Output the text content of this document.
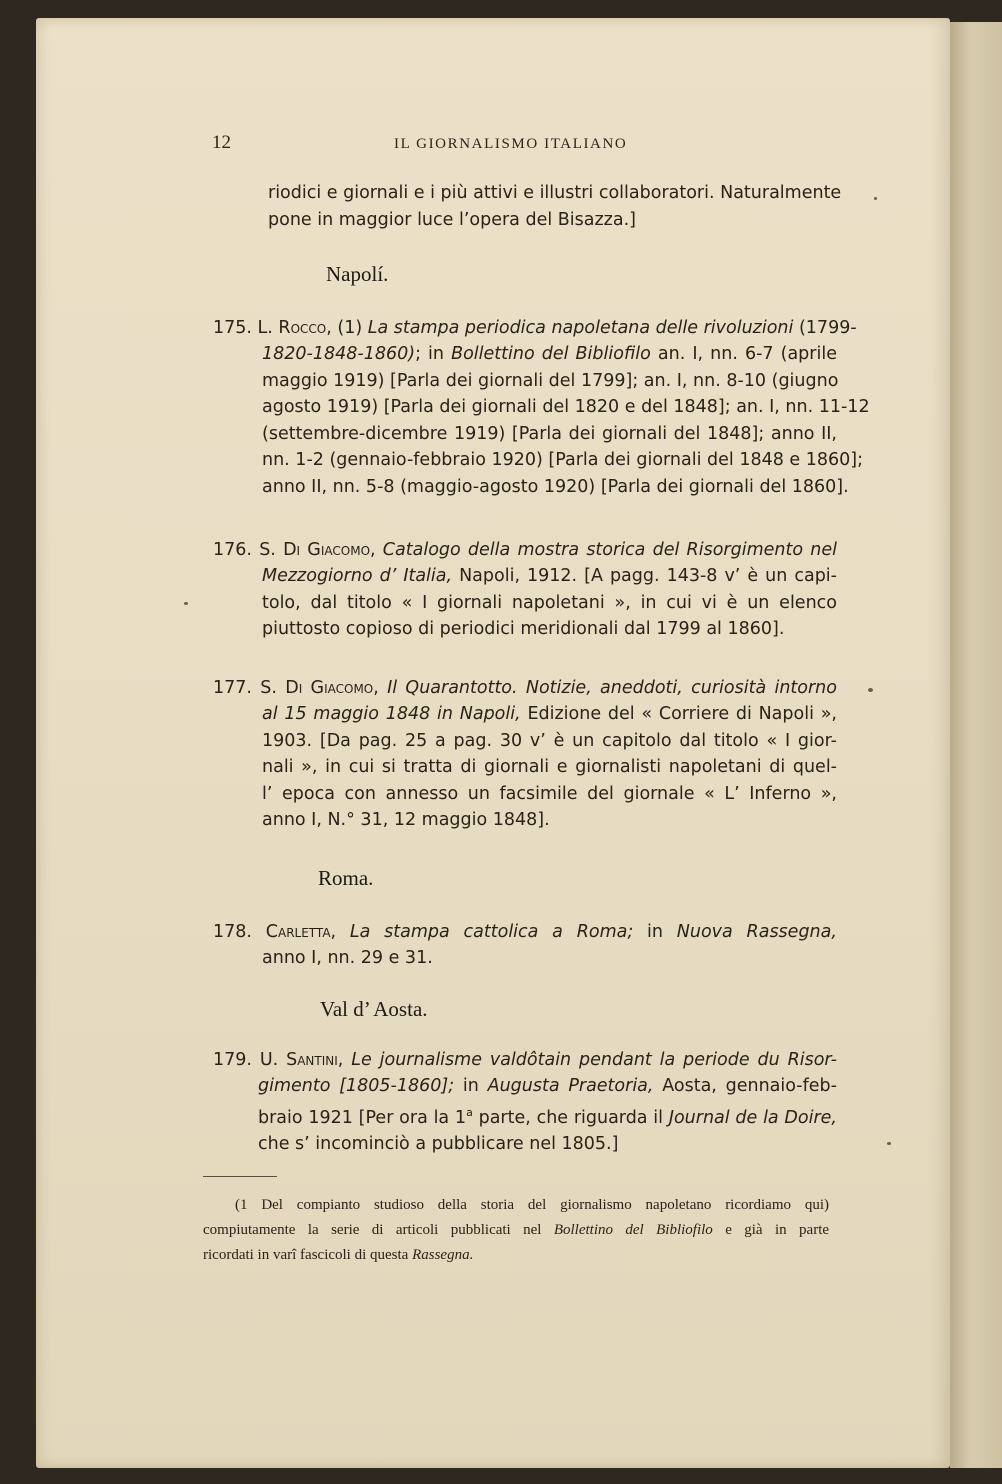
12	IL GIORNALISMO ITALIANO
riodici e giornali e i più attivi e illustri collaboratori. Naturalmente
pone in maggior luce l’opera del Bisazza.]
Napolí.
175. L. Rocco, (1) La stampa periodica napoletana delle rivoluzioni (1799-
1820-1848-1860); in Bollettino del Bibliofilo an. I, nn. 6-7 (aprile
maggio 1919) [Parla dei giornali del 1799]; an. I, nn. 8-10 (giugno
agosto 1919) [Parla dei giornali del 1820 e del 1848]; an. I, nn. 11-12
(settembre-dicembre 1919) [Parla dei giornali del 1848]; anno II,
nn. 1-2 (gennaio-febbraio 1920) [Parla dei giornali del 1848 e 1860];
anno II, nn. 5-8 (maggio-agosto 1920) [Parla dei giornali del 1860].
176. S. Di Giacomo, Catalogo della mostra storica del Risorgimento nel
Mezzogiorno d’ Italia, Napoli, 1912. [A pagg. 143-8 v’ è un capi-
tolo, dal titolo « I giornali napoletani », in cui vi è un elenco
piuttosto copioso di periodici meridionali dal 1799 al 1860].
177. S. Di Giacomo, Il Quarantotto. Notizie, aneddoti, curiosità intorno
al 15 maggio 1848 in Napoli, Edizione del « Corriere di Napoli »,
1903. [Da pag. 25 a pag. 30 v’ è un capitolo dal titolo « I gior-
nali », in cui si tratta di giornali e giornalisti napoletani di quel-
l’ epoca con annesso un facsimile del giornale « L’ Inferno »,
anno I, N.° 31, 12 maggio 1848].
Roma.
178. Carletta, La stampa cattolica a Roma; in Nuova Rassegna,
anno I, nn. 29 e 31.
Val d’ Aosta.
179. U. Santini, Le journalisme valdôtain pendant la periode du Risor-
gimento [1805-1860]; in Augusta Praetoria, Aosta, gennaio-feb-
braio 1921 [Per ora la 1$^a$ parte, che riguarda il Journal de la Doire,
che s’ incominciò a pubblicare nel 1805.]
(1 Del compianto studioso della storia del giornalismo napoletano ricordiamo qui)
compiutamente la serie di articoli pubblicati nel Bollettino del Bibliofilo e già in parte
ricordati in varî fascicoli di questa Rassegna.
